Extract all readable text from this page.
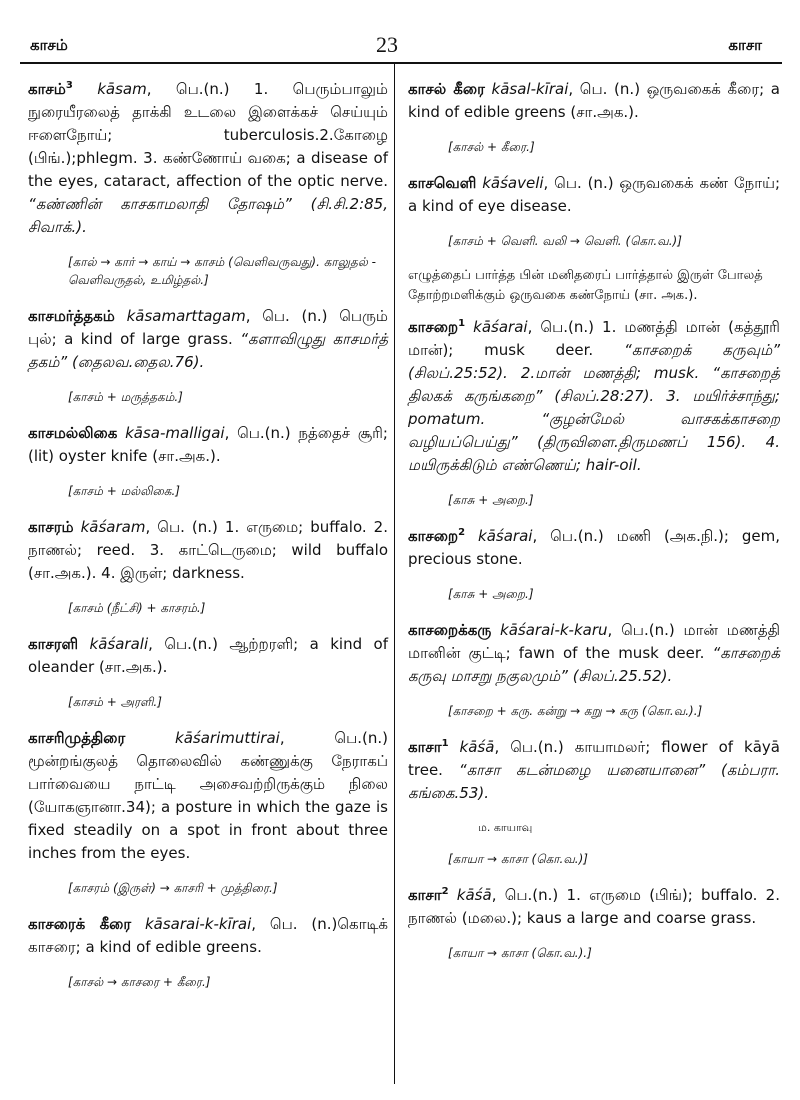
காசம்	23	காசா
காசம்$^3$ kāsam, பெ.(n.) 1. பெரும்பாலும் நுரையீரலைத் தாக்கி உடலை இளைக்கச் செய்யும் ஈளைநோய்; tuberculosis.2.கோழை (பிங்.);phlegm. 3. கண்ணோய் வகை; a disease of the eyes, cataract, affection of the optic nerve. “கண்ணின் காசகாமலாதி தோஷம்” (சி.சி.2:85, சிவாக்.).
[கால் → கார் → காய் → காசம் (வெளிவருவது). காலுதல் - வெளிவருதல், உமிழ்தல்.]
காசமர்த்தகம் kāsamarttagam, பெ. (n.) பெரும் புல்; a kind of large grass. “களாவிழுது காசமர்த் தகம்” (தைலவ.தைல.76).
[காசம் + மருத்தகம்.]
காசமல்லிகை kāsa-malligai, பெ.(n.) நத்தைச் சூரி; (lit) oyster knife (சா.அக.).
[காசம் + மல்லிகை.]
காசரம் kāśaram, பெ. (n.) 1. எருமை; buffalo. 2. நாணல்; reed. 3. காட்டெருமை; wild buffalo (சா.அக.). 4. இருள்; darkness.
[காசம் (நீட்சி) + காசரம்.]
காசரளி kāśarali, பெ.(n.) ஆற்றரளி; a kind of oleander (சா.அக.).
[காசம் + அரளி.]
காசரிமுத்திரை	kāśarimuttirai, பெ.(n.) மூன்றங்குலத் தொலைவில் கண்ணுக்கு நேராகப் பார்வையை நாட்டி அசைவற்றிருக்கும் நிலை (யோகஞானா.34); a posture in which the gaze is fixed steadily on a spot in front about three inches from the eyes.
[காசரம் (இருள்) → காசரி + முத்திரை.]
காசரைக் கீரை kāsarai-k-kīrai, பெ. (n.)கொடிக் காசரை; a kind of edible greens.
[காசல் → காசரை + கீரை.]
காசல் கீரை kāsal-kīrai, பெ. (n.) ஒருவகைக் கீரை; a kind of edible greens (சா.அக.).
[காசல் + கீரை.]
காசவெளி kāśaveli, பெ. (n.) ஒருவகைக் கண் நோய்; a kind of eye disease.
[காசம் + வெளி. வலி → வெளி. (கொ.வ.)]
எழுத்தைப் பார்த்த பின் மனிதரைப் பார்த்தால் இருள் போலத் தோற்றமளிக்கும் ஒருவகை கண்நோய் (சா. அக.).
காசறை$^1$ kāśarai, பெ.(n.) 1. மணத்தி மான் (கத்தூரி மான்); musk deer. “காசறைக் கருவும்” (சிலப்.25:52). 2.மான் மணத்தி; musk. “காசறைத் திலகக் கருங்கறை” (சிலப்.28:27). 3. மயிர்ச்சாந்து; pomatum. “குழன்மேல் வாசகக்காசறை வழியப்பெய்து” (திருவிளை.திருமணப் 156). 4. மயிருக்கிடும் எண்ணெய்; hair-oil.
[காசு + அறை.]
காசறை$^2$ kāśarai, பெ.(n.) மணி (அக.நி.); gem, precious stone.
[காசு + அறை.]
காசறைக்கரு kāśarai-k-karu, பெ.(n.) மான் மணத்தி மானின் குட்டி; fawn of the musk deer. “காசறைக் கருவு மாசறு நகுலமும்” (சிலப்.25.52).
[காசறை + கரு. கன்று → கறு → கரு (கொ.வ.).]
காசா$^1$ kāśā, பெ.(n.) காயாமலர்; flower of kāyā tree. “காசா கடன்மழை யனையானை” (கம்பரா. கங்கை.53).
ம. காயாவு
[காயா → காசா (கொ.வ.)]
காசா$^2$ kāśā, பெ.(n.) 1. எருமை (பிங்); buffalo. 2. நாணல் (மலை.); kaus a large and coarse grass.
[காயா → காசா (கொ.வ.).]
